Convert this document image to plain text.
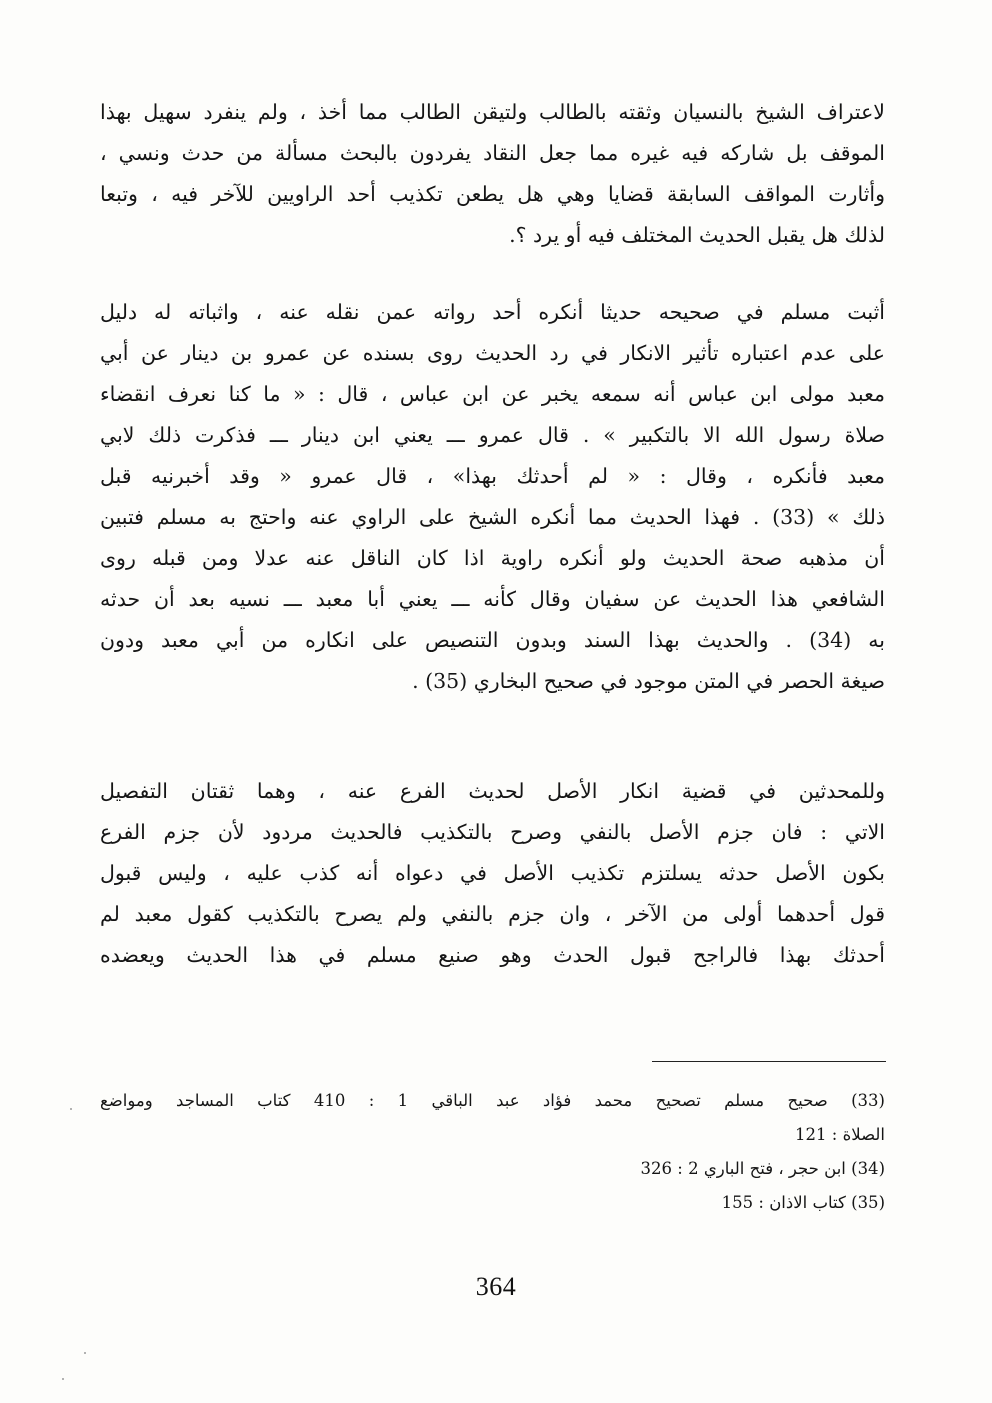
لاعتراف الشيخ بالنسيان وثقته بالطالب ولتيقن الطالب مما أخذ ، ولم ينفرد سهيل بهذا
الموقف بل شاركه فيه غيره مما جعل النقاد يفردون بالبحث مسألة من حدث ونسي ،
وأثارت المواقف السابقة قضايا وهي هل يطعن تكذيب أحد الراويين للآخر فيه ، وتبعا
لذلك هل يقبل الحديث المختلف فيه أو يرد ؟.
أثبت مسلم في صحيحه حديثا أنكره أحد رواته عمن نقله عنه ، واثباته له دليل
على عدم اعتباره تأثير الانكار في رد الحديث روى بسنده عن عمرو بن دينار عن أبي
معبد مولى ابن عباس أنه سمعه يخبر عن ابن عباس ، قال : « ما كنا نعرف انقضاء
صلاة رسول الله الا بالتكبير » . قال عمرو ـــ يعني ابن دينار ـــ فذكرت ذلك لابي
معبد فأنكره ، وقال : « لم أحدثك بهذا» ، قال عمرو « وقد أخبرنيه قبل
ذلك » (33) . فهذا الحديث مما أنكره الشيخ على الراوي عنه واحتج به مسلم فتبين
أن مذهبه صحة الحديث ولو أنكره راوية اذا كان الناقل عنه عدلا ومن قبله روى
الشافعي هذا الحديث عن سفيان وقال كأنه ـــ يعني أبا معبد ـــ نسيه بعد أن حدثه
به (34) . والحديث بهذا السند وبدون التنصيص على انكاره من أبي معبد ودون
صيغة الحصر في المتن موجود في صحيح البخاري (35) .
وللمحدثين في قضية انكار الأصل لحديث الفرع عنه ، وهما ثقتان التفصيل
الاتي : فان جزم الأصل بالنفي وصرح بالتكذيب فالحديث مردود لأن جزم الفرع
بكون الأصل حدثه يسلتزم تكذيب الأصل في دعواه أنه كذب عليه ، وليس قبول
قول أحدهما أولى من الآخر ، وان جزم بالنفي ولم يصرح بالتكذيب كقول معبد لم
أحدثك بهذا فالراجح قبول الحدث وهو صنيع مسلم في هذا الحديث ويعضده
(33) صحيح مسلم تصحيح محمد فؤاد عبد الباقي 1 : 410 كتاب المساجد ومواضع
الصلاة : 121
(34) ابن حجر ، فتح الباري 2 : 326
(35) كتاب الاذان : 155
364
